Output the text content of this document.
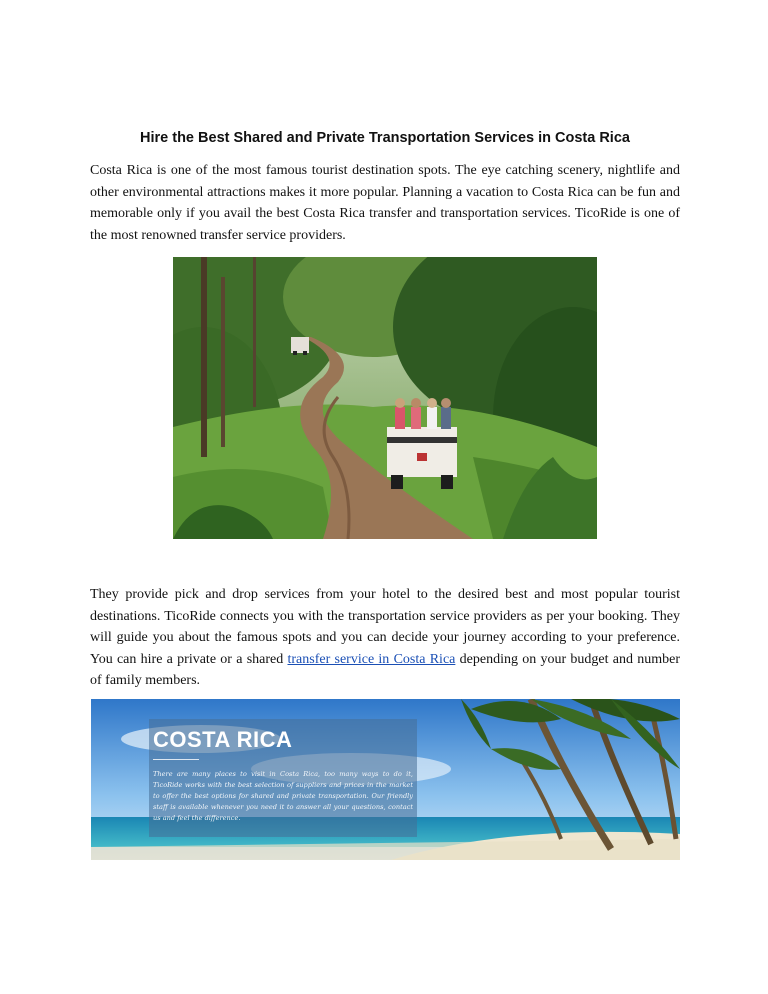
Hire the Best Shared and Private Transportation Services in Costa Rica

Costa Rica is one of the most famous tourist destination spots. The eye catching scenery, nightlife and other environmental attractions makes it more popular. Planning a vacation to Costa Rica can be fun and memorable only if you avail the best Costa Rica transfer and transportation services. TicoRide is one of the most renowned transfer service providers.

They provide pick and drop services from your hotel to the desired best and most popular tourist destinations. TicoRide connects you with the transportation service providers as per your booking. They will guide you about the famous spots and you can decide your journey according to your preference. You can hire a private or a shared transfer service in Costa Rica depending on your budget and number of family members.

COSTA RICA
There are many places to visit in Costa Rica, too many ways to do it, TicoRide works with the best selection of suppliers and prices in the market to offer the best options for shared and private transportation. Our friendly staff is available whenever you need it to answer all your questions, contact us and feel the difference.
